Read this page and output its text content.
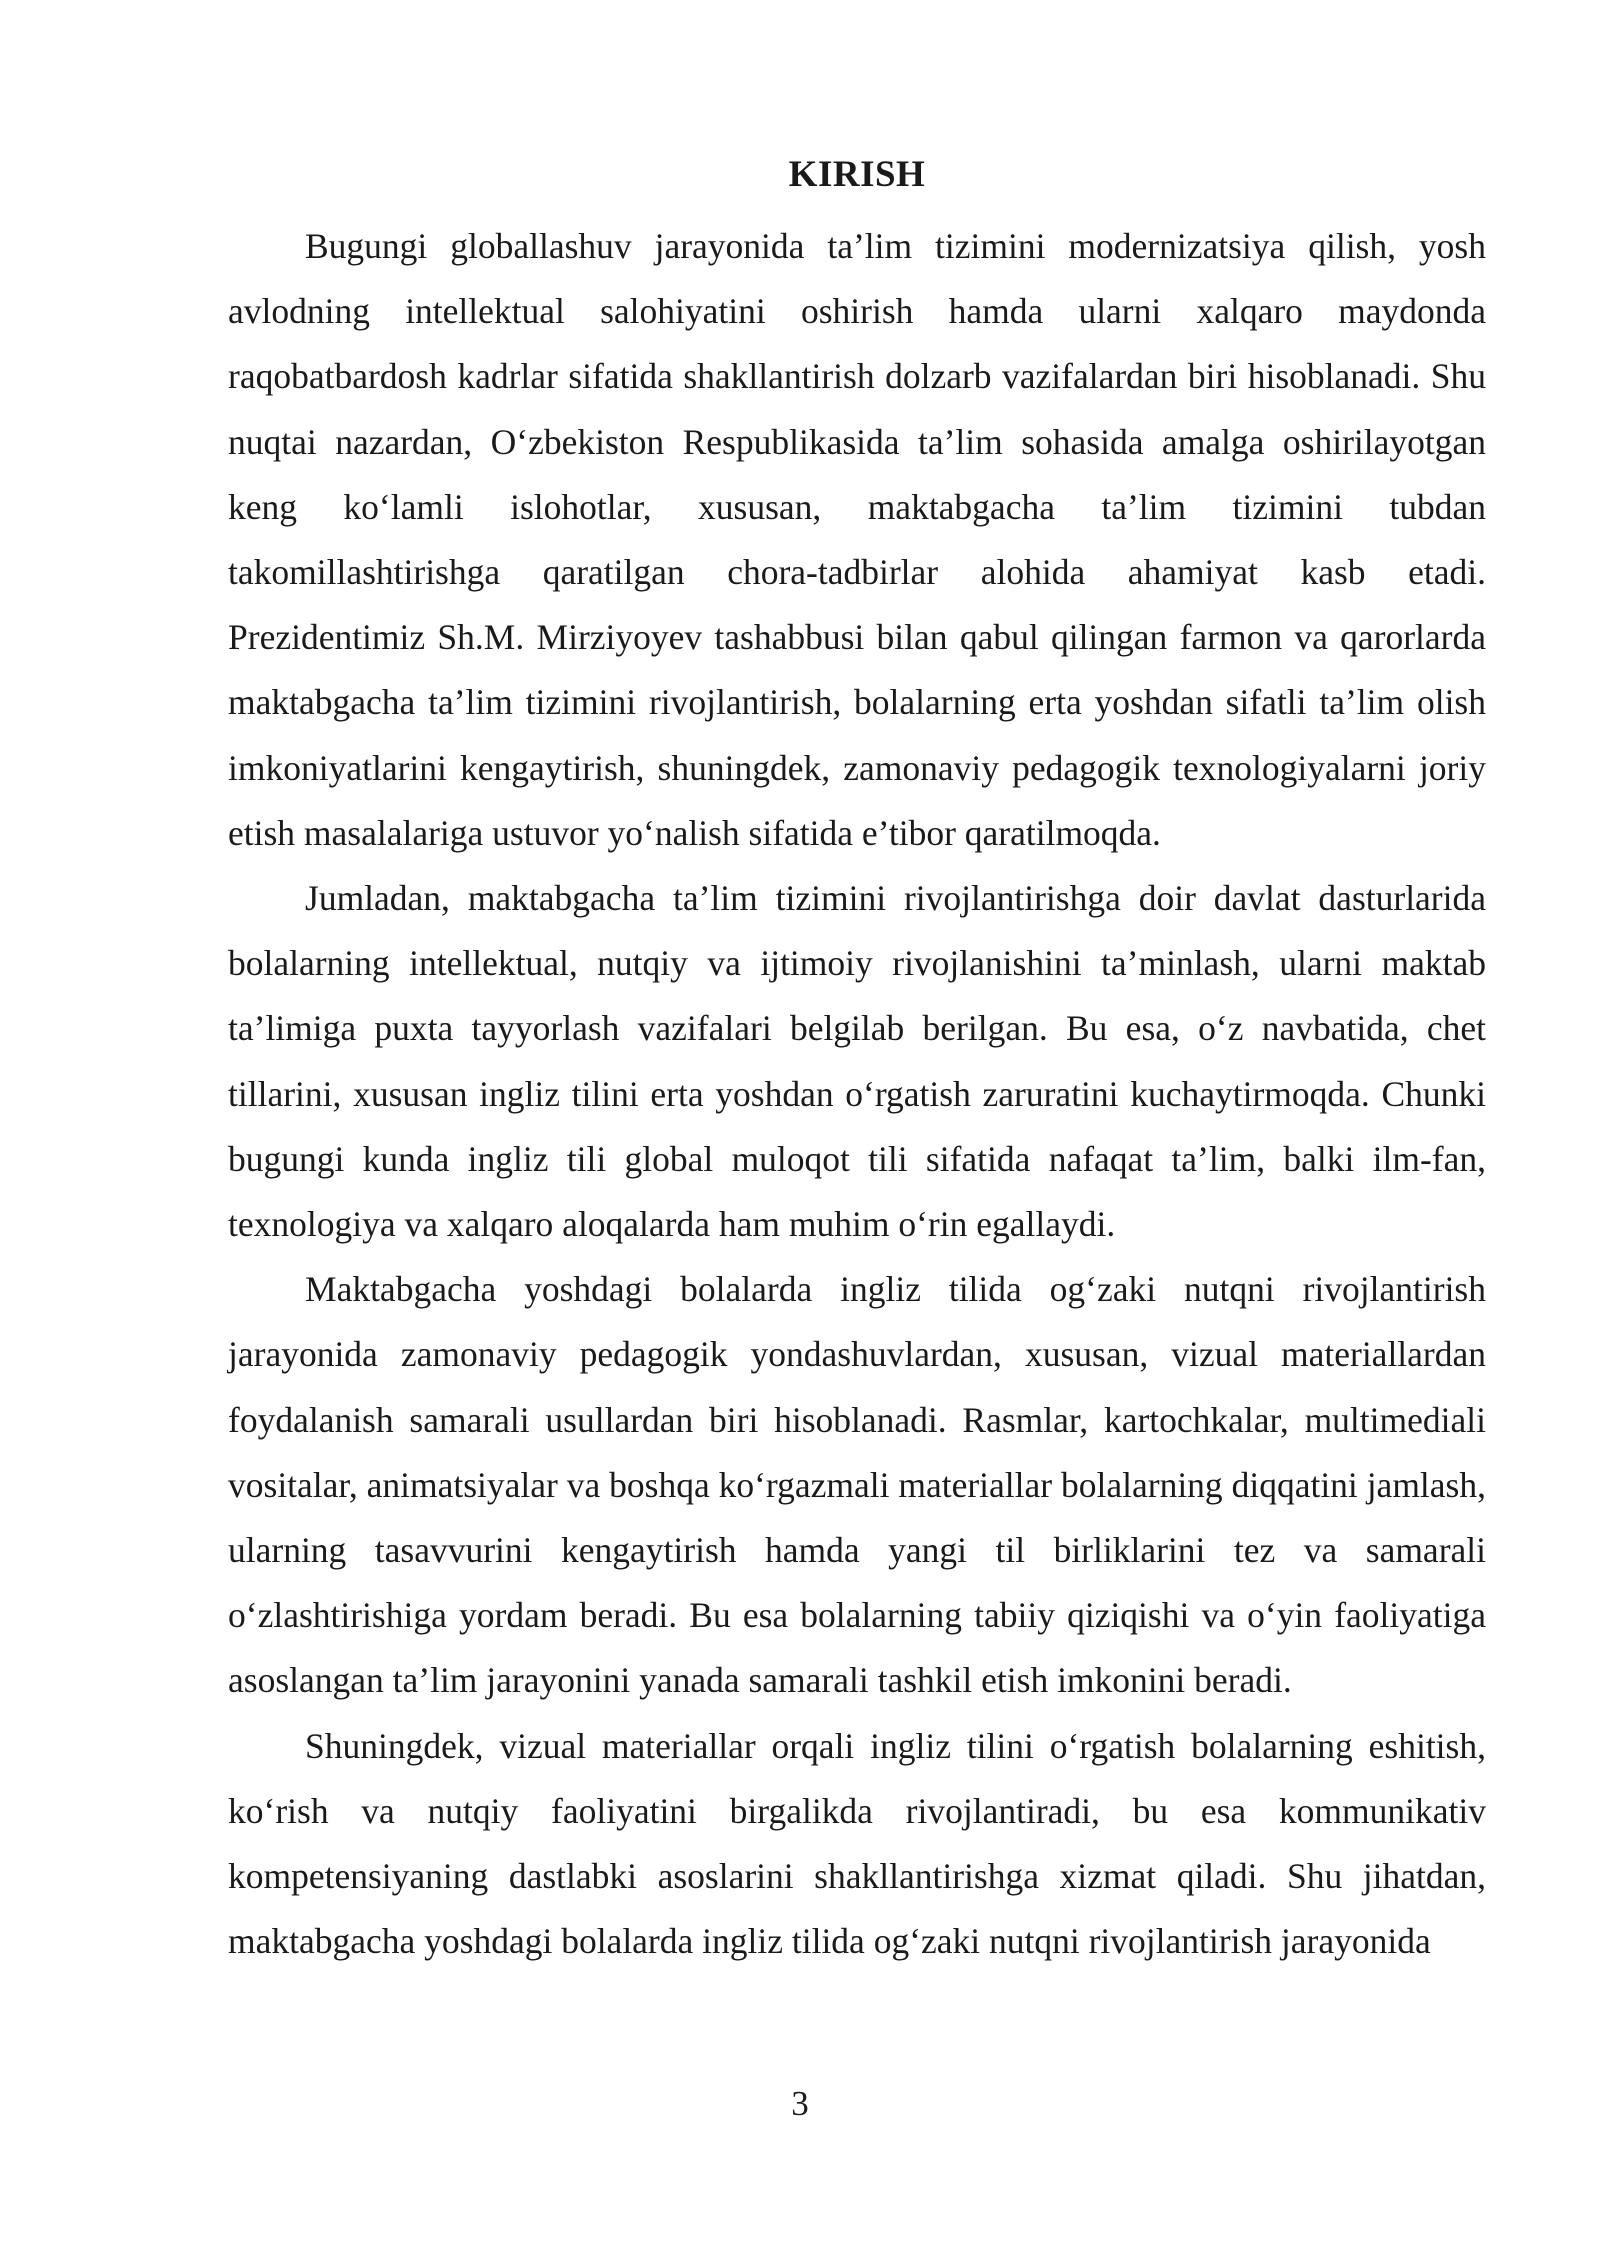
KIRISH

Bugungi globallashuv jarayonida ta’lim tizimini modernizatsiya qilish, yosh avlodning intellektual salohiyatini oshirish hamda ularni xalqaro maydonda raqobatbardosh kadrlar sifatida shakllantirish dolzarb vazifalardan biri hisoblanadi. Shu nuqtai nazardan, O‘zbekiston Respublikasida ta’lim sohasida amalga oshirilayotgan keng ko‘lamli islohotlar, xususan, maktabgacha ta’lim tizimini tubdan takomillashtirishga qaratilgan chora-tadbirlar alohida ahamiyat kasb etadi. Prezidentimiz Sh.M. Mirziyoyev tashabbusi bilan qabul qilingan farmon va qarorlarda maktabgacha ta’lim tizimini rivojlantirish, bolalarning erta yoshdan sifatli ta’lim olish imkoniyatlarini kengaytirish, shuningdek, zamonaviy pedagogik texnologiyalarni joriy etish masalalariga ustuvor yo‘nalish sifatida e’tibor qaratilmoqda.

Jumladan, maktabgacha ta’lim tizimini rivojlantirishga doir davlat dasturlarida bolalarning intellektual, nutqiy va ijtimoiy rivojlanishini ta’minlash, ularni maktab ta’limiga puxta tayyorlash vazifalari belgilab berilgan. Bu esa, o‘z navbatida, chet tillarini, xususan ingliz tilini erta yoshdan o‘rgatish zaruratini kuchaytirmoqda. Chunki bugungi kunda ingliz tili global muloqot tili sifatida nafaqat ta’lim, balki ilm-fan, texnologiya va xalqaro aloqalarda ham muhim o‘rin egallaydi.

Maktabgacha yoshdagi bolalarda ingliz tilida og‘zaki nutqni rivojlantirish jarayonida zamonaviy pedagogik yondashuvlardan, xususan, vizual materiallardan foydalanish samarali usullardan biri hisoblanadi. Rasmlar, kartochkalar, multimediali vositalar, animatsiyalar va boshqa ko‘rgazmali materiallar bolalarning diqqatini jamlash, ularning tasavvurini kengaytirish hamda yangi til birliklarini tez va samarali o‘zlashtirishiga yordam beradi. Bu esa bolalarning tabiiy qiziqishi va o‘yin faoliyatiga asoslangan ta’lim jarayonini yanada samarali tashkil etish imkonini beradi.

Shuningdek, vizual materiallar orqali ingliz tilini o‘rgatish bolalarning eshitish, ko‘rish va nutqiy faoliyatini birgalikda rivojlantiradi, bu esa kommunikativ kompetensiyaning dastlabki asoslarini shakllantirishga xizmat qiladi. Shu jihatdan, maktabgacha yoshdagi bolalarda ingliz tilida og‘zaki nutqni rivojlantirish jarayonida

3
